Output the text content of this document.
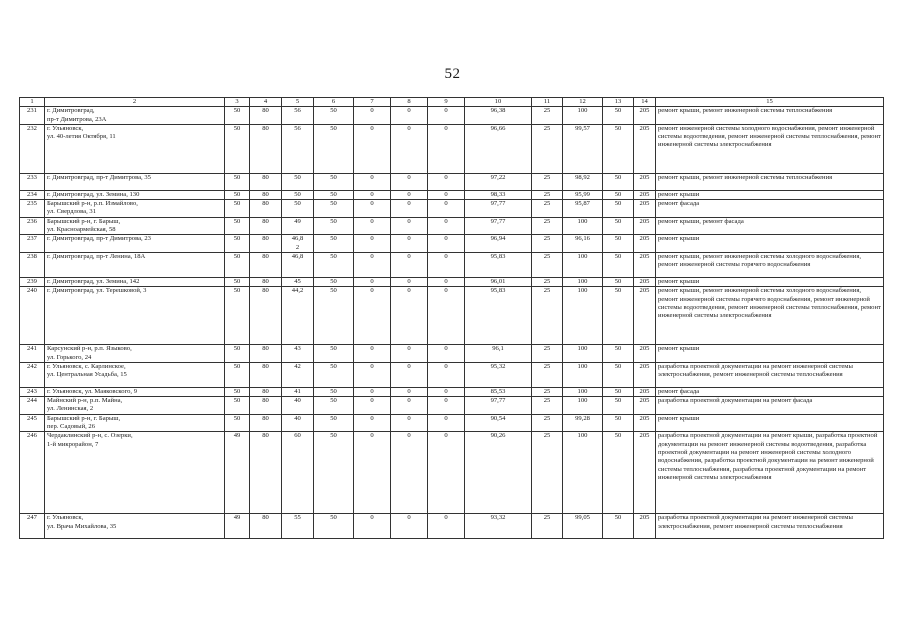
52
1	2	3	4	5	6	7	8	9	10	11	12	13	14	15
231	г. Димитровград,
пр-т Димитрова, 23А	50	80	56	50	0	0	0	96,38	25	100	50	205	ремонт крыши, ремонт инженерной системы теплоснабжения
232	г. Ульяновск,
ул. 40-летия Октября, 11	50	80	56	50	0	0	0	96,66	25	99,57	50	205	ремонт инженерной системы холодного водоснабжения, ремонт инженерной системы водоотведения, ремонт инженерной системы теплоснабжения, ремонт инженерной системы электроснабжения
233	г. Димитровград, пр-т Димитрова, 35	50	80	50	50	0	0	0	97,22	25	98,92	50	205	ремонт крыши, ремонт инженерной системы теплоснабжения
234	г. Димитровград, ул. Земина, 130	50	80	50	50	0	0	0	98,33	25	95,99	50	205	ремонт крыши
235	Барышский р-н, р.п. Измайлово,
ул. Свердлова, 31	50	80	50	50	0	0	0	97,77	25	95,87	50	205	ремонт фасада
236	Барышский р-н, г. Барыш,
ул. Красноармейская, 58	50	80	49	50	0	0	0	97,77	25	100	50	205	ремонт крыши, ремонт фасада
237	г. Димитровград, пр-т Димитрова, 23	50	80	46,8
2	50	0	0	0	96,94	25	96,16	50	205	ремонт крыши
238	г. Димитровград, пр-т Ленина, 18А	50	80	46,8	50	0	0	0	95,83	25	100	50	205	ремонт крыши, ремонт инженерной системы холодного водоснабжения, ремонт инженерной системы горячего водоснабжения
239	г. Димитровград, ул. Земина, 142	50	80	45	50	0	0	0	96,01	25	100	50	205	ремонт крыши
240	г. Димитровград, ул. Терешковой, 3	50	80	44,2	50	0	0	0	95,83	25	100	50	205	ремонт крыши, ремонт инженерной системы холодного водоснабжения, ремонт инженерной системы горячего водоснабжения, ремонт инженерной системы водоотведения, ремонт инженерной системы теплоснабжения, ремонт инженерной системы электроснабжения
241	Карсунский р-н, р.п. Языково,
ул. Горького, 24	50	80	43	50	0	0	0	96,1	25	100	50	205	ремонт крыши
242	г. Ульяновск, с. Карлинское,
ул. Центральная Усадьба, 15	50	80	42	50	0	0	0	95,32	25	100	50	205	разработка проектной документации на ремонт инженерной системы электроснабжения, ремонт инженерной системы теплоснабжения
243	г. Ульяновск, ул. Маяковского, 9	50	80	41	50	0	0	0	85,53	25	100	50	205	ремонт фасада
244	Майнский р-н, р.п. Майна,
ул. Ленинская, 2	50	80	40	50	0	0	0	97,77	25	100	50	205	разработка проектной документации на ремонт фасада
245	Барышский р-н, г. Барыш,
пер. Садовый, 26	50	80	40	50	0	0	0	90,54	25	99,28	50	205	ремонт крыши
246	Чердаклинский р-н, с. Озерки,
1-й микрорайон, 7	49	80	60	50	0	0	0	90,26	25	100	50	205	разработка проектной документации на ремонт крыши, разработка проектной документации на ремонт инженерной системы водоотведения, разработка проектной документации на ремонт инженерной системы холодного водоснабжения, разработка проектной документации на ремонт инженерной системы теплоснабжения, разработка проектной документации на ремонт инженерной системы электроснабжения
247	г. Ульяновск,
ул. Врача Михайлова, 35	49	80	55	50	0	0	0	93,32	25	99,05	50	205	разработка проектной документации на ремонт инженерной системы электроснабжения, ремонт инженерной системы теплоснабжения
